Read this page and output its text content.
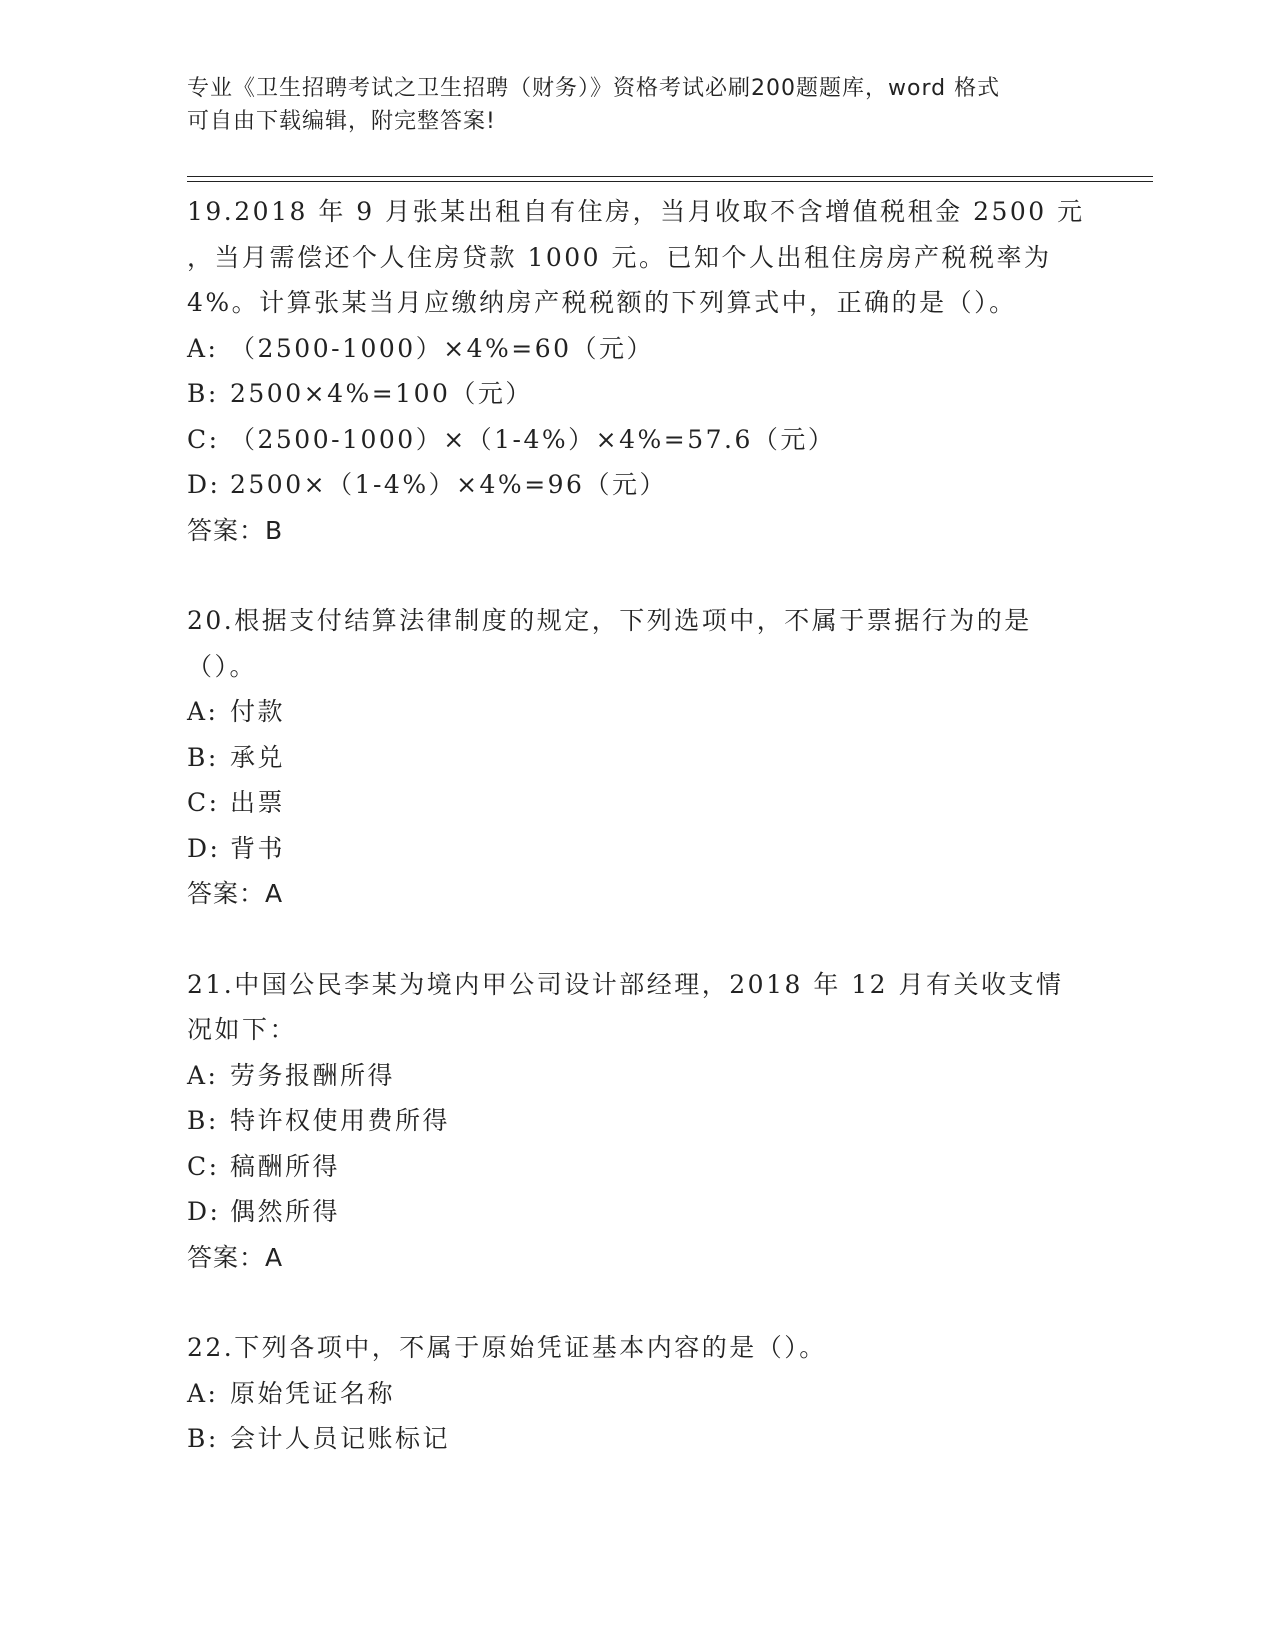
专业《卫生招聘考试之卫生招聘（财务）》资格考试必刷200题题库，word 格式
可自由下载编辑，附完整答案!
19.2018 年 9 月张某出租自有住房，当月收取不含增值税租金 2500 元
，当月需偿还个人住房贷款 1000 元。已知个人出租住房房产税税率为
4%。计算张某当月应缴纳房产税税额的下列算式中，正确的是（）。
A: （2500-1000）×4%=60（元）
B: 2500×4%=100（元）
C: （2500-1000）×（1-4%）×4%=57.6（元）
D: 2500×（1-4%）×4%=96（元）
答案：B
20.根据支付结算法律制度的规定，下列选项中，不属于票据行为的是
（）。
A: 付款
B: 承兑
C: 出票
D: 背书
答案：A
21.中国公民李某为境内甲公司设计部经理，2018 年 12 月有关收支情
况如下：
A: 劳务报酬所得
B: 特许权使用费所得
C: 稿酬所得
D: 偶然所得
答案：A
22.下列各项中，不属于原始凭证基本内容的是（）。
A: 原始凭证名称
B: 会计人员记账标记
